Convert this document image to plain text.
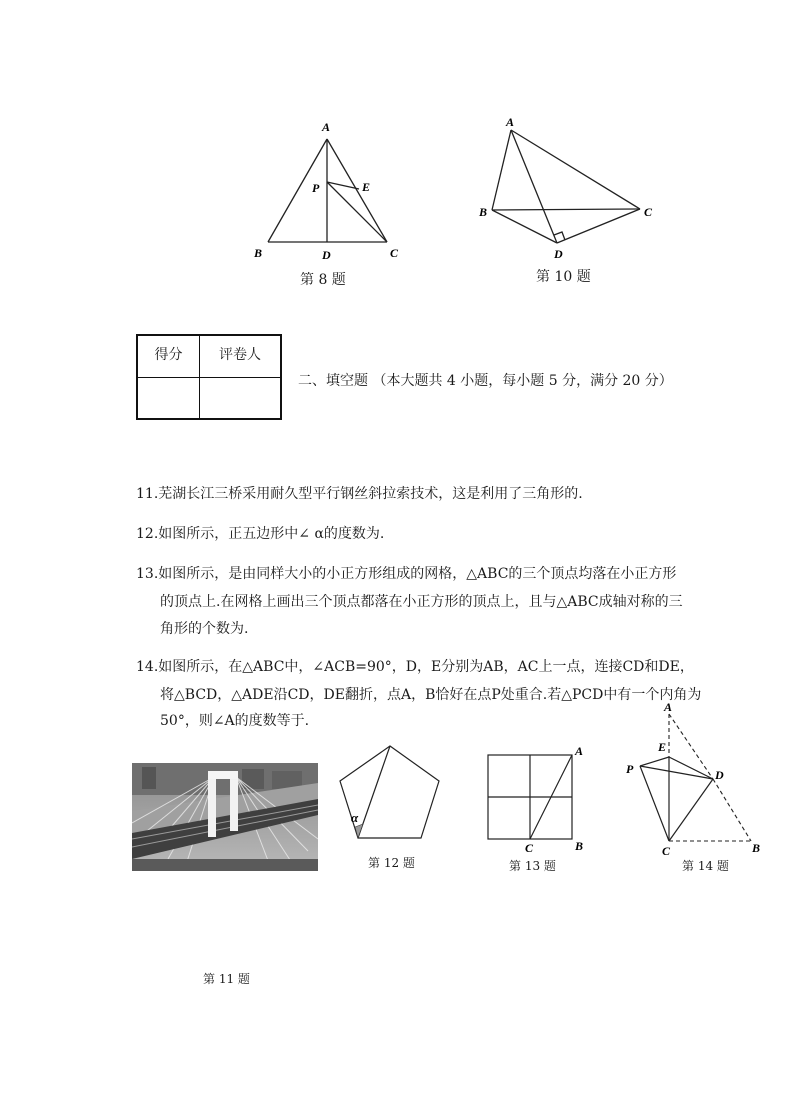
A
P	E
B	D	C
第 8 题
A
B	C
D
第 10 题
得分	评卷人
二、填空题 （本大题共 4 小题，每小题 5 分，满分 20 分）
11.芜湖长江三桥采用耐久型平行钢丝斜拉索技术，这是利用了三角形的.
12.如图所示，正五边形中∠ α的度数为.
13.如图所示，是由同样大小的小正方形组成的网格，△ABC的三个顶点均落在小正方形
的顶点上.在网格上画出三个顶点都落在小正方形的顶点上，且与△ABC成轴对称的三
角形的个数为.
14.如图所示，在△ABC中，∠ACB=90°，D，E分别为AB，AC上一点，连接CD和DE，
将△BCD，△ADE沿CD，DE翻折，点A，B恰好在点P处重合.若△PCD中有一个内角为
50°，则∠A的度数等于.
第 11 题
α
第 12 题
A
C	B
第 13 题
A
E
P	D
C	B
第 14 题
